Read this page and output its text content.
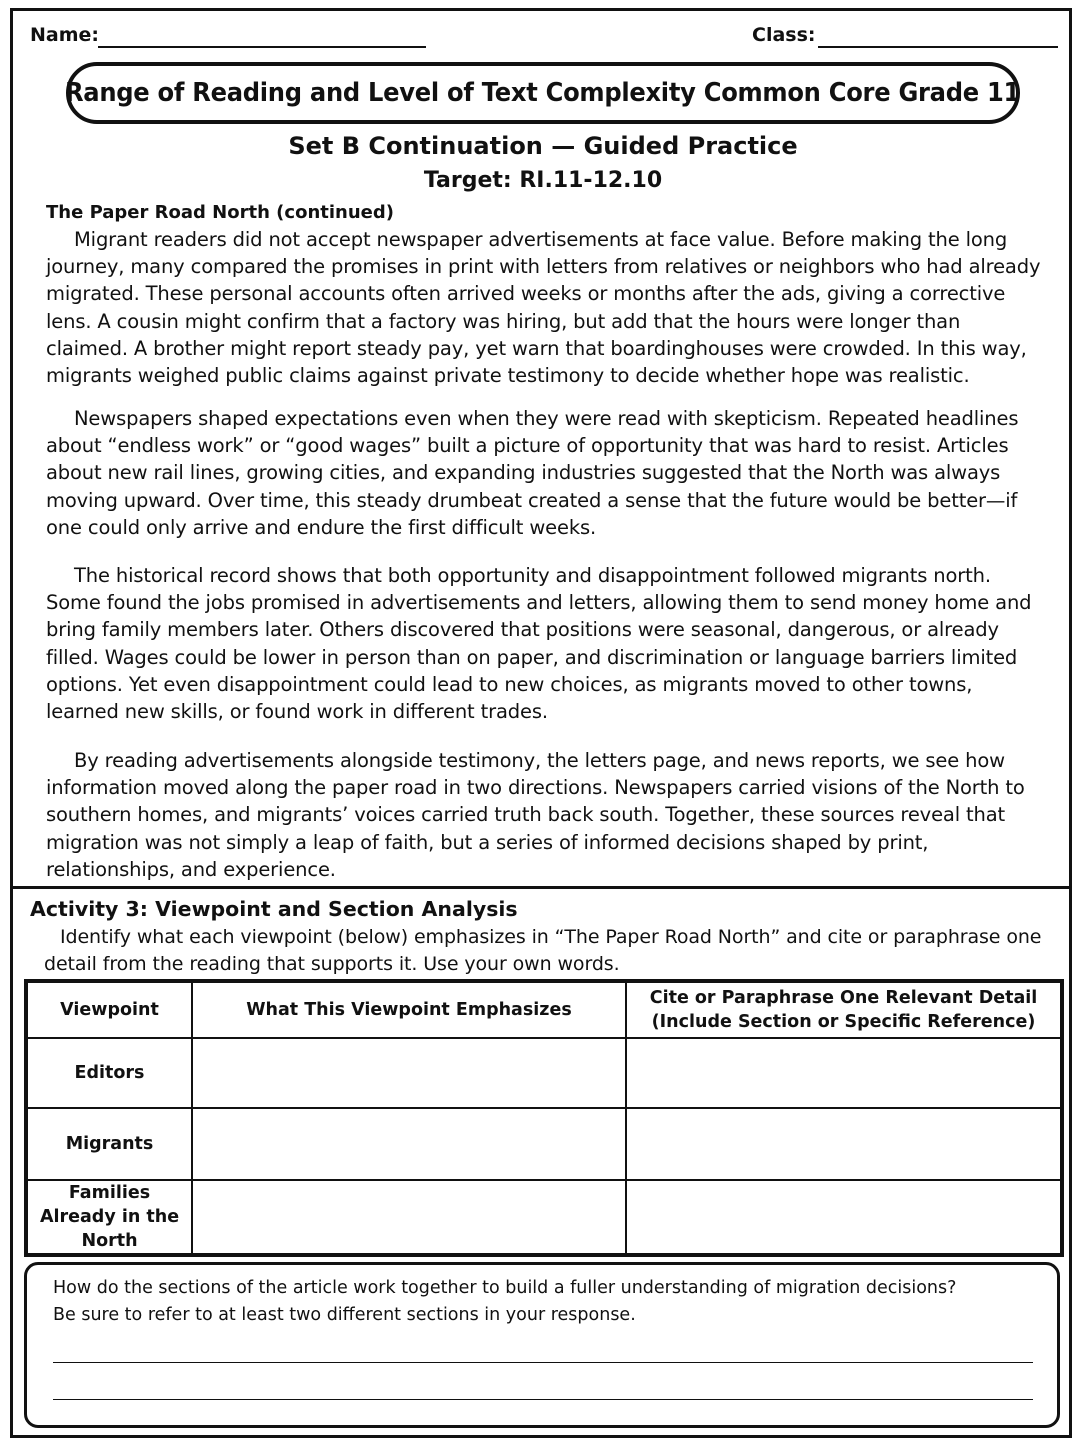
Name:	Class:
Range of Reading and Level of Text Complexity Common Core Grade 11
Set B Continuation — Guided Practice
Target: RI.11-12.10
The Paper Road North (continued)

Migrant readers did not accept newspaper advertisements at face value. Before making the long journey, many compared the promises in print with letters from relatives or neighbors who had already migrated. These personal accounts often arrived weeks or months after the ads, giving a corrective lens. A cousin might confirm that a factory was hiring, but add that the hours were longer than claimed. A brother might report steady pay, yet warn that boardinghouses were crowded. In this way, migrants weighed public claims against private testimony to decide whether hope was realistic.

Newspapers shaped expectations even when they were read with skepticism. Repeated headlines about “endless work” or “good wages” built a picture of opportunity that was hard to resist. Articles about new rail lines, growing cities, and expanding industries suggested that the North was always moving upward. Over time, this steady drumbeat created a sense that the future would be better—if one could only arrive and endure the first difficult weeks.

The historical record shows that both opportunity and disappointment followed migrants north. Some found the jobs promised in advertisements and letters, allowing them to send money home and bring family members later. Others discovered that positions were seasonal, dangerous, or already filled. Wages could be lower in person than on paper, and discrimination or language barriers limited options. Yet even disappointment could lead to new choices, as migrants moved to other towns, learned new skills, or found work in different trades.

By reading advertisements alongside testimony, the letters page, and news reports, we see how information moved along the paper road in two directions. Newspapers carried visions of the North to southern homes, and migrants’ voices carried truth back south. Together, these sources reveal that migration was not simply a leap of faith, but a series of informed decisions shaped by print, relationships, and experience.

Activity 3: Viewpoint and Section Analysis

Identify what each viewpoint (below) emphasizes in “The Paper Road North” and cite or paraphrase one detail from the reading that supports it. Use your own words.

Viewpoint	What This Viewpoint Emphasizes	Cite or Paraphrase One Relevant Detail (Include Section or Specific Reference)
Editors		
Migrants		
Families Already in the North		

How do the sections of the article work together to build a fuller understanding of migration decisions?
Be sure to refer to at least two different sections in your response.
